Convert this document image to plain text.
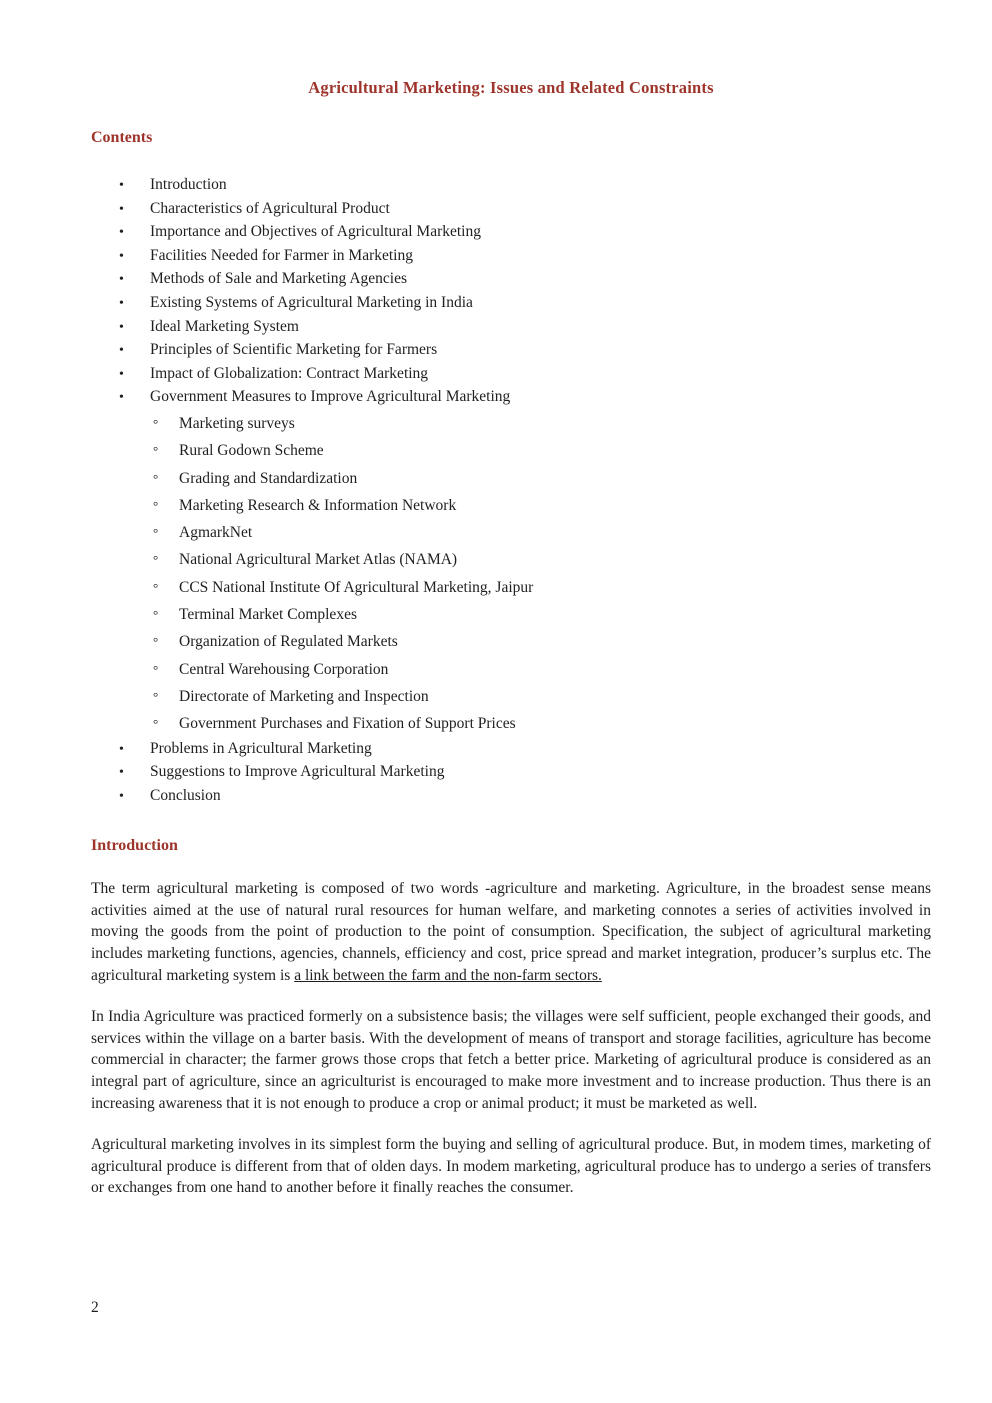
Agricultural Marketing: Issues and Related Constraints
Contents
•	Introduction
•	Characteristics of Agricultural Product
•	Importance and Objectives of Agricultural Marketing
•	Facilities Needed for Farmer in Marketing
•	Methods of Sale and Marketing Agencies
•	Existing Systems of Agricultural Marketing in India
•	Ideal Marketing System
•	Principles of Scientific Marketing for Farmers
•	Impact of Globalization: Contract Marketing
•	Government Measures to Improve Agricultural Marketing
°	Marketing surveys
°	Rural Godown Scheme
°	Grading and Standardization
°	Marketing Research & Information Network
°	AgmarkNet
°	National Agricultural Market Atlas (NAMA)
°	CCS National Institute Of Agricultural Marketing, Jaipur
°	Terminal Market Complexes
°	Organization of Regulated Markets
°	Central Warehousing Corporation
°	Directorate of Marketing and Inspection
°	Government Purchases and Fixation of Support Prices
•	Problems in Agricultural Marketing
•	Suggestions to Improve Agricultural Marketing
•	Conclusion
Introduction

The term agricultural marketing is composed of two words -agriculture and marketing. Agriculture, in the broadest sense means activities aimed at the use of natural rural resources for human welfare, and marketing connotes a series of activities involved in moving the goods from the point of production to the point of consumption. Specification, the subject of agricultural marketing includes marketing functions, agencies, channels, efficiency and cost, price spread and market integration, producer’s surplus etc. The agricultural marketing system is a link between the farm and the non-farm sectors.

In India Agriculture was practiced formerly on a subsistence basis; the villages were self sufficient, people exchanged their goods, and services within the village on a barter basis. With the development of means of transport and storage facilities, agriculture has become commercial in character; the farmer grows those crops that fetch a better price. Marketing of agricultural produce is considered as an integral part of agriculture, since an agriculturist is encouraged to make more investment and to increase production. Thus there is an increasing awareness that it is not enough to produce a crop or animal product; it must be marketed as well.

Agricultural marketing involves in its simplest form the buying and selling of agricultural produce. But, in modem times, marketing of agricultural produce is different from that of olden days. In modem marketing, agricultural produce has to undergo a series of transfers or exchanges from one hand to another before it finally reaches the consumer.

2
